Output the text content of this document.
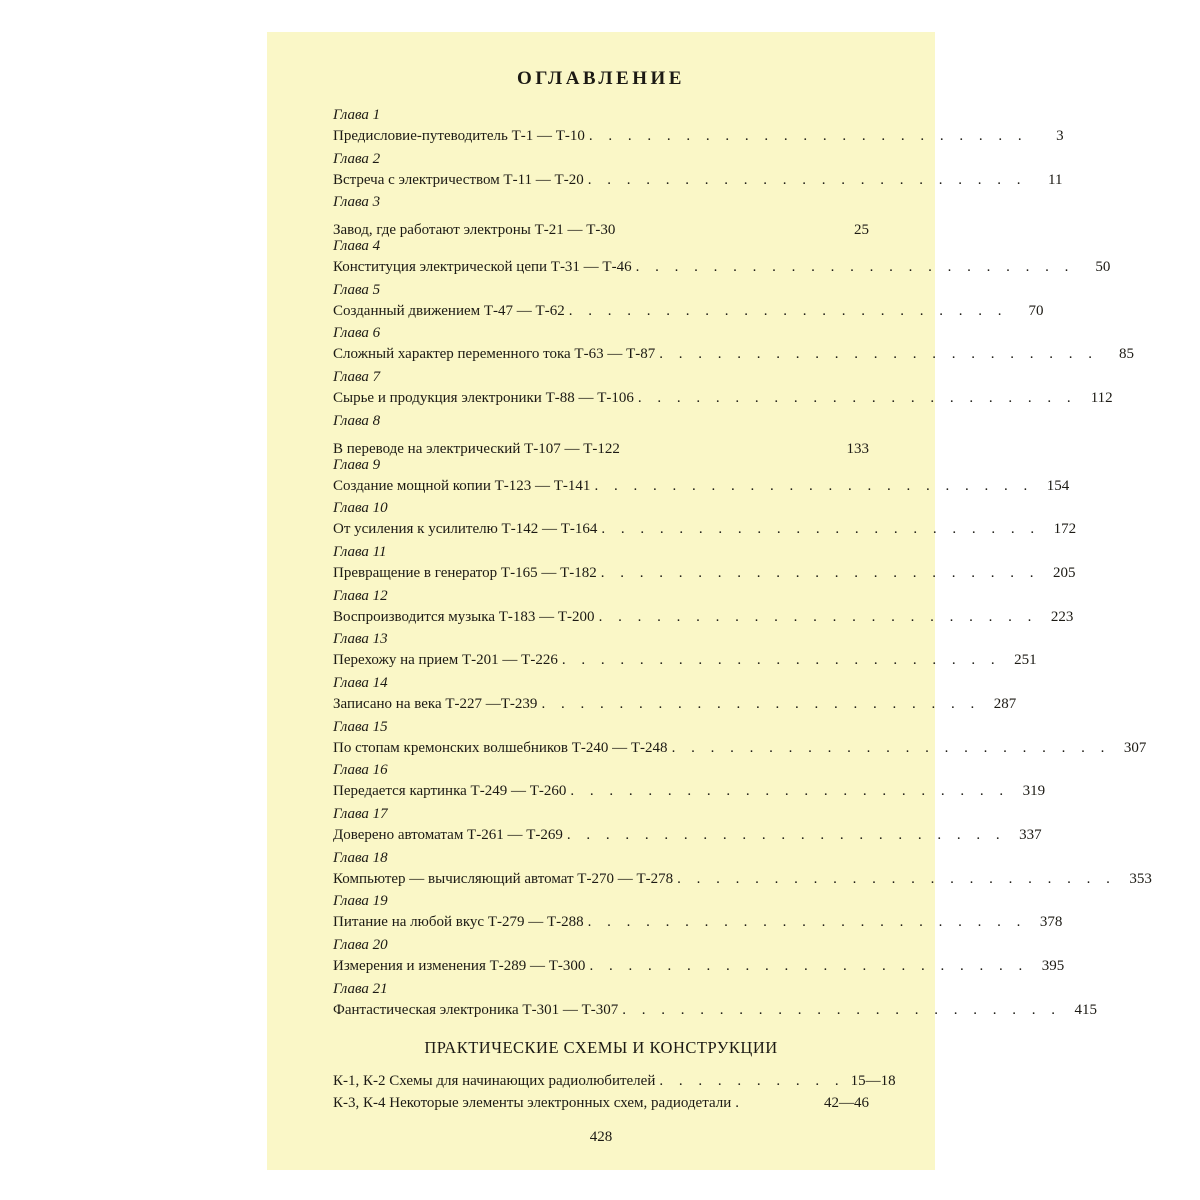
ОГЛАВЛЕНИЕ
Глава 1
Предисловие-путеводитель Т-1 — Т-10 . . . . . . . . . . . . . . . . . . . . . . .	3
Глава 2
Встреча с электричеством Т-11 — Т-20 . . . . . . . . . . . . . . . . . . . . . . .	11
Глава 3
Завод, где работают электроны Т-21 — Т-30	25
Глава 4
Конституция электрической цепи Т-31 — Т-46 . . . . . . . . . . . . . . . . . . . . . . .	50
Глава 5
Созданный движением Т-47 — Т-62 . . . . . . . . . . . . . . . . . . . . . . .	70
Глава 6
Сложный характер переменного тока Т-63 — Т-87 . . . . . . . . . . . . . . . . . . . . . . .	85
Глава 7
Сырье и продукция электроники Т-88 — Т-106 . . . . . . . . . . . . . . . . . . . . . . . 112
Глава 8
В переводе на электрический Т-107 — Т-122	133
Глава 9
Создание мощной копии Т-123 — Т-141 . . . . . . . . . . . . . . . . . . . . . . . 154
Глава 10
От усиления к усилителю Т-142 — Т-164 . . . . . . . . . . . . . . . . . . . . . . . 172
Глава 11
Превращение в генератор Т-165 — Т-182 . . . . . . . . . . . . . . . . . . . . . . . 205
Глава 12
Воспроизводится музыка Т-183 — Т-200 . . . . . . . . . . . . . . . . . . . . . . . 223
Глава 13
Перехожу на прием Т-201 — Т-226 . . . . . . . . . . . . . . . . . . . . . . . 251
Глава 14
Записано на века Т-227 —Т-239 . . . . . . . . . . . . . . . . . . . . . . . 287
Глава 15
По стопам кремонских волшебников Т-240 — Т-248 . . . . . . . . . . . . . . . . . . . . . . . 307
Глава 16
Передается картинка Т-249 — Т-260 . . . . . . . . . . . . . . . . . . . . . . . 319
Глава 17
Доверено автоматам Т-261 — Т-269 . . . . . . . . . . . . . . . . . . . . . . . 337
Глава 18
Компьютер — вычисляющий автомат Т-270 — Т-278 . . . . . . . . . . . . . . . . . . . . . . . 353
Глава 19
Питание на любой вкус Т-279 — Т-288 . . . . . . . . . . . . . . . . . . . . . . . 378
Глава 20
Измерения и изменения Т-289 — Т-300 . . . . . . . . . . . . . . . . . . . . . . . 395
Глава 21
Фантастическая электроника Т-301 — Т-307 . . . . . . . . . . . . . . . . . . . . . . . 415
ПРАКТИЧЕСКИЕ СХЕМЫ И КОНСТРУКЦИИ
К-1, К-2 Схемы для начинающих радиолюбителей . . . . . . . . . . 15—18
К-3, К-4 Некоторые элементы электронных схем, радиодетали .	42—46
428
